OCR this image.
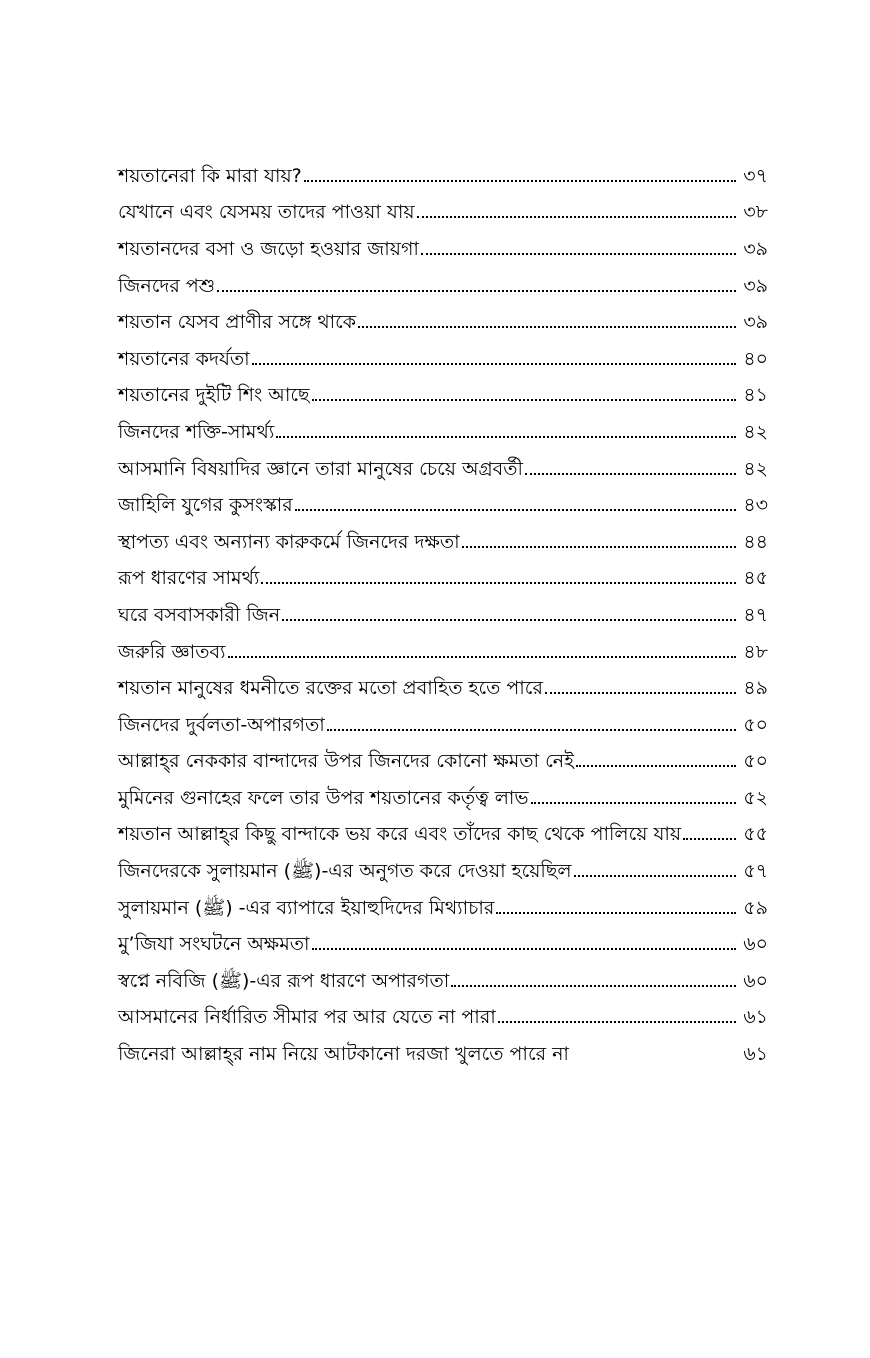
শয়তানেরা কি মারা যায়?	৩৭
যেখানে এবং যেসময় তাদের পাওয়া যায়	৩৮
শয়তানদের বসা ও জড়ো হওয়ার জায়গা	৩৯
জিনদের পশু	৩৯
শয়তান যেসব প্রাণীর সঙ্গে থাকে	৩৯
শয়তানের কদর্যতা	৪০
শয়তানের দুইটি শিং আছে	৪১
জিনদের শক্তি-সামর্থ্য	৪২
আসমানি বিষয়াদির জ্ঞানে তারা মানুষের চেয়ে অগ্রবর্তী	৪২
জাহিলি যুগের কুসংস্কার	৪৩
স্থাপত্য এবং অন্যান্য কারুকর্মে জিনদের দক্ষতা	৪৪
রূপ ধারণের সামর্থ্য	৪৫
ঘরে বসবাসকারী জিন	৪৭
জরুরি জ্ঞাতব্য	৪৮
শয়তান মানুষের ধমনীতে রক্তের মতো প্রবাহিত হতে পারে	৪৯
জিনদের দুর্বলতা-অপারগতা	৫০
আল্লাহ্‌র নেককার বান্দাদের উপর জিনদের কোনো ক্ষমতা নেই	৫০
মুমিনের গুনাহের ফলে তার উপর শয়তানের কর্তৃত্ব লাভ	৫২
শয়তান আল্লাহ্‌র কিছু বান্দাকে ভয় করে এবং তাঁদের কাছ থেকে পালিয়ে যায়	৫৫
জিনদেরকে সুলায়মান (ﷺ)-এর অনুগত করে দেওয়া হয়েছিল	৫৭
সুলায়মান (ﷺ) -এর ব্যাপারে ইয়াহুদিদের মিথ্যাচার	৫৯
মু’জিযা সংঘটনে অক্ষমতা	৬০
স্বপ্নে নবিজি (ﷺ)-এর রূপ ধারণে অপারগতা	৬০
আসমানের নির্ধারিত সীমার পর আর যেতে না পারা	৬১
জিনেরা আল্লাহ্‌র নাম নিয়ে আটকানো দরজা খুলতে পারে না	৬১
